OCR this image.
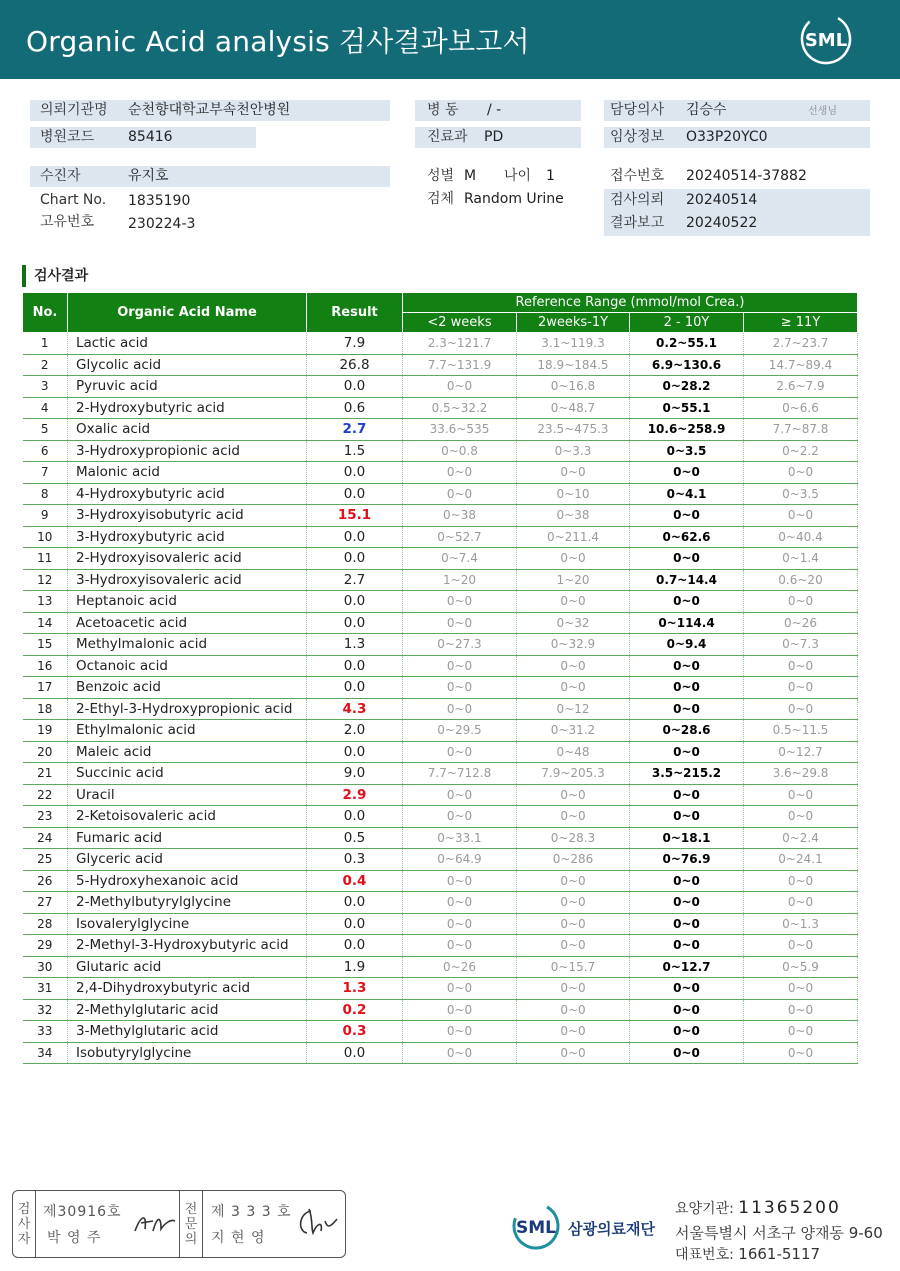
Organic Acid analysis 검사결과보고서	SML
의뢰기관명 순천향대학교부속천안병원
병원코드 85416
병 동 / -
진료과 PD
담당의사 김승수	선생님
임상정보 O33P20YC0
수진자	유지호
Chart No. 1835190
고유번호 230224-3
성별 M 나이 1
검체 Random Urine
접수번호 20240514-37882
검사의뢰 20240514
결과보고 20240522
검사결과
No.	Organic Acid Name	Result	Reference Range (mmol/mol Crea.)			
			<2 weeks	2weeks-1Y	2 - 10Y	≥ 11Y
1	Lactic acid	7.9	2.3~121.7	3.1~119.3	0.2~55.1	2.7~23.7
2	Glycolic acid	26.8	7.7~131.9	18.9~184.5	6.9~130.6	14.7~89.4
3	Pyruvic acid	0.0	0~0	0~16.8	0~28.2	2.6~7.9
4	2-Hydroxybutyric acid	0.6	0.5~32.2	0~48.7	0~55.1	0~6.6
5	Oxalic acid	2.7	33.6~535	23.5~475.3	10.6~258.9	7.7~87.8
6	3-Hydroxypropionic acid	1.5	0~0.8	0~3.3	0~3.5	0~2.2
7	Malonic acid	0.0	0~0	0~0	0~0	0~0
8	4-Hydroxybutyric acid	0.0	0~0	0~10	0~4.1	0~3.5
9	3-Hydroxyisobutyric acid	15.1	0~38	0~38	0~0	0~0
10	3-Hydroxybutyric acid	0.0	0~52.7	0~211.4	0~62.6	0~40.4
11	2-Hydroxyisovaleric acid	0.0	0~7.4	0~0	0~0	0~1.4
12	3-Hydroxyisovaleric acid	2.7	1~20	1~20	0.7~14.4	0.6~20
13	Heptanoic acid	0.0	0~0	0~0	0~0	0~0
14	Acetoacetic acid	0.0	0~0	0~32	0~114.4	0~26
15	Methylmalonic acid	1.3	0~27.3	0~32.9	0~9.4	0~7.3
16	Octanoic acid	0.0	0~0	0~0	0~0	0~0
17	Benzoic acid	0.0	0~0	0~0	0~0	0~0
18	2-Ethyl-3-Hydroxypropionic acid	4.3	0~0	0~12	0~0	0~0
19	Ethylmalonic acid	2.0	0~29.5	0~31.2	0~28.6	0.5~11.5
20	Maleic acid	0.0	0~0	0~48	0~0	0~12.7
21	Succinic acid	9.0	7.7~712.8	7.9~205.3	3.5~215.2	3.6~29.8
22	Uracil	2.9	0~0	0~0	0~0	0~0
23	2-Ketoisovaleric acid	0.0	0~0	0~0	0~0	0~0
24	Fumaric acid	0.5	0~33.1	0~28.3	0~18.1	0~2.4
25	Glyceric acid	0.3	0~64.9	0~286	0~76.9	0~24.1
26	5-Hydroxyhexanoic acid	0.4	0~0	0~0	0~0	0~0
27	2-Methylbutyrylglycine	0.0	0~0	0~0	0~0	0~0
28	Isovalerylglycine	0.0	0~0	0~0	0~0	0~1.3
29	2-Methyl-3-Hydroxybutyric acid	0.0	0~0	0~0	0~0	0~0
30	Glutaric acid	1.9	0~26	0~15.7	0~12.7	0~5.9
31	2,4-Dihydroxybutyric acid	1.3	0~0	0~0	0~0	0~0
32	2-Methylglutaric acid	0.2	0~0	0~0	0~0	0~0
33	3-Methylglutaric acid	0.3	0~0	0~0	0~0	0~0
34	Isobutyrylglycine	0.0	0~0	0~0	0~0	0~0
검
사
자
제30916호
박 영 주
전
문
의
제 3 3 3 호
지 현 영	SML 삼광의료재단
요양기관: 11365200
서울특별시 서초구 양재동 9-60
대표번호: 1661-5117
